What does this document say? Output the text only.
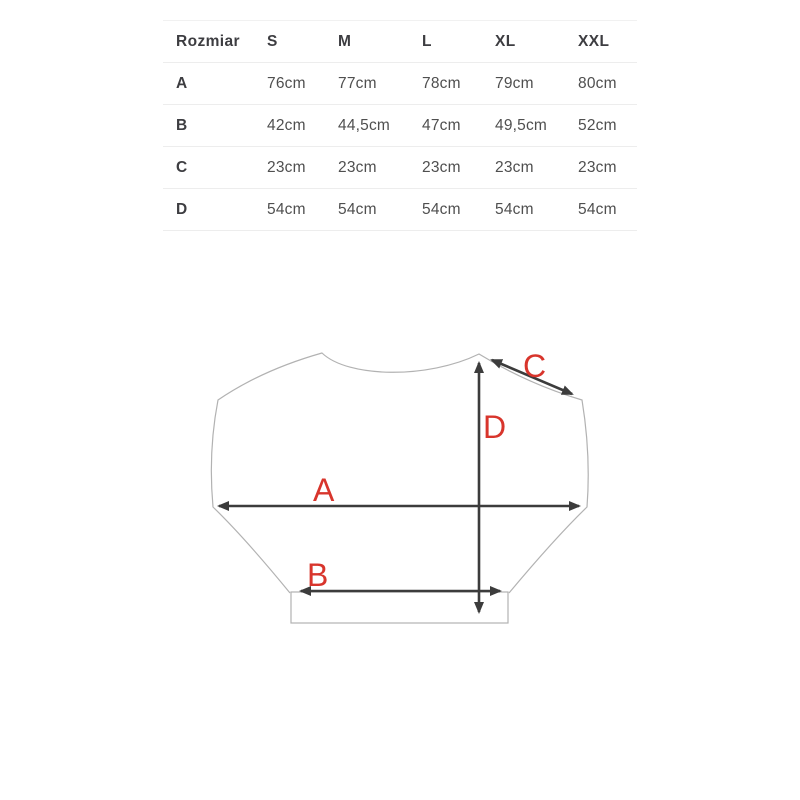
Rozmiar	S	M	L	XL	XXL
A	76cm	77cm	78cm	79cm	80cm
B	42cm	44,5cm	47cm	49,5cm	52cm
C	23cm	23cm	23cm	23cm	23cm
D	54cm	54cm	54cm	54cm	54cm
A
B
C
D
